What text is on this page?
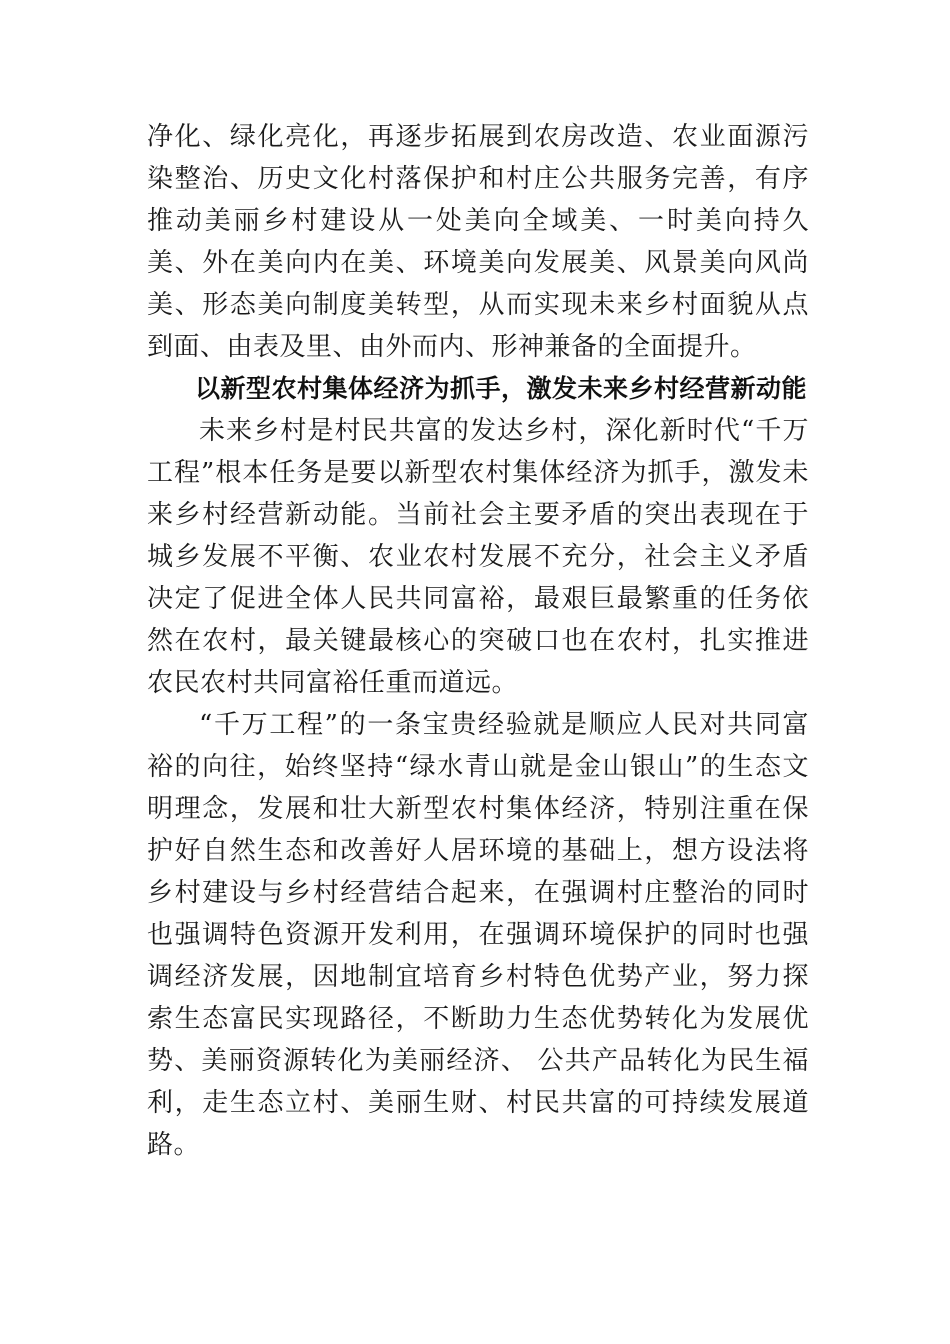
净化、绿化亮化，再逐步拓展到农房改造、农业面源污染整治、历史文化村落保护和村庄公共服务完善，有序推动美丽乡村建设从一处美向全域美、一时美向持久美、外在美向内在美、环境美向发展美、风景美向风尚美、形态美向制度美转型，从而实现未来乡村面貌从点到面、由表及里、由外而内、形神兼备的全面提升。

以新型农村集体经济为抓手，激发未来乡村经营新动能

未来乡村是村民共富的发达乡村，深化新时代“千万工程”根本任务是要以新型农村集体经济为抓手，激发未来乡村经营新动能。当前社会主要矛盾的突出表现在于城乡发展不平衡、农业农村发展不充分，社会主义矛盾决定了促进全体人民共同富裕，最艰巨最繁重的任务依然在农村，最关键最核心的突破口也在农村，扎实推进农民农村共同富裕任重而道远。

“千万工程”的一条宝贵经验就是顺应人民对共同富裕的向往，始终坚持“绿水青山就是金山银山”的生态文明理念，发展和壮大新型农村集体经济，特别注重在保护好自然生态和改善好人居环境的基础上，想方设法将乡村建设与乡村经营结合起来，在强调村庄整治的同时也强调特色资源开发利用，在强调环境保护的同时也强调经济发展，因地制宜培育乡村特色优势产业，努力探索生态富民实现路径，不断助力生态优势转化为发展优势、美丽资源转化为美丽经济、 公共产品转化为民生福利，走生态立村、美丽生财、村民共富的可持续发展道路。
